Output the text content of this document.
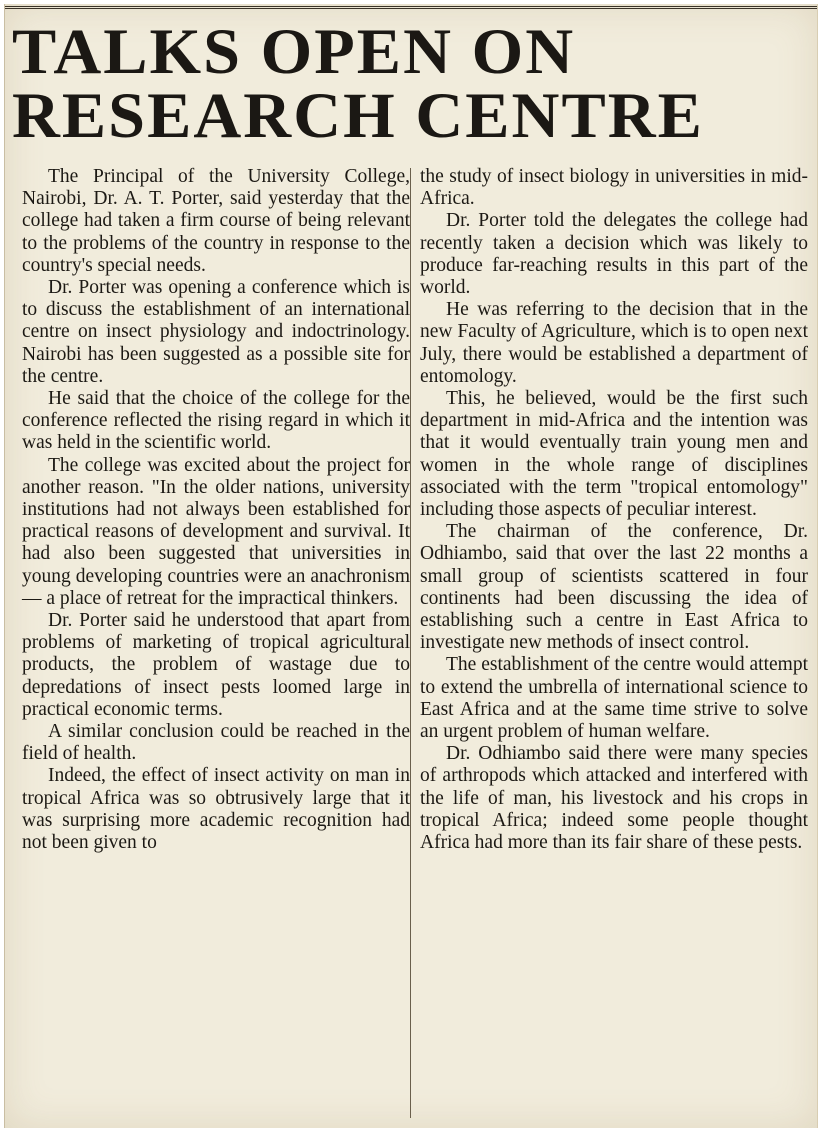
TALKS OPEN ON
RESEARCH CENTRE

The Principal of the University College, Nairobi, Dr. A. T. Porter, said yesterday that the college had taken a firm course of being relevant to the problems of the country in response to the country's special needs.

Dr. Porter was opening a conference which is to discuss the establishment of an international centre on insect physiology and indoctrinology. Nairobi has been suggested as a possible site for the centre.

He said that the choice of the college for the conference reflected the rising regard in which it was held in the scientific world.

The college was excited about the project for another reason. "In the older nations, university institutions had not always been established for practical reasons of development and survival. It had also been suggested that universities in young developing countries were an anachronism — a place of retreat for the impractical thinkers.

Dr. Porter said he understood that apart from problems of marketing of tropical agricultural products, the problem of wastage due to depredations of insect pests loomed large in practical economic terms.

A similar conclusion could be reached in the field of health.

Indeed, the effect of insect activity on man in tropical Africa was so obtrusively large that it was surprising more academic recognition had not been given to

the study of insect biology in universities in mid-Africa.

Dr. Porter told the delegates the college had recently taken a decision which was likely to produce far-reaching results in this part of the world.

He was referring to the decision that in the new Faculty of Agriculture, which is to open next July, there would be established a department of entomology.

This, he believed, would be the first such department in mid-Africa and the intention was that it would eventually train young men and women in the whole range of disciplines associated with the term "tropical entomology" including those aspects of peculiar interest.

The chairman of the conference, Dr. Odhiambo, said that over the last 22 months a small group of scientists scattered in four continents had been discussing the idea of establishing such a centre in East Africa to investigate new methods of insect control.

The establishment of the centre would attempt to extend the umbrella of international science to East Africa and at the same time strive to solve an urgent problem of human welfare.

Dr. Odhiambo said there were many species of arthropods which attacked and interfered with the life of man, his livestock and his crops in tropical Africa; indeed some people thought Africa had more than its fair share of these pests.
